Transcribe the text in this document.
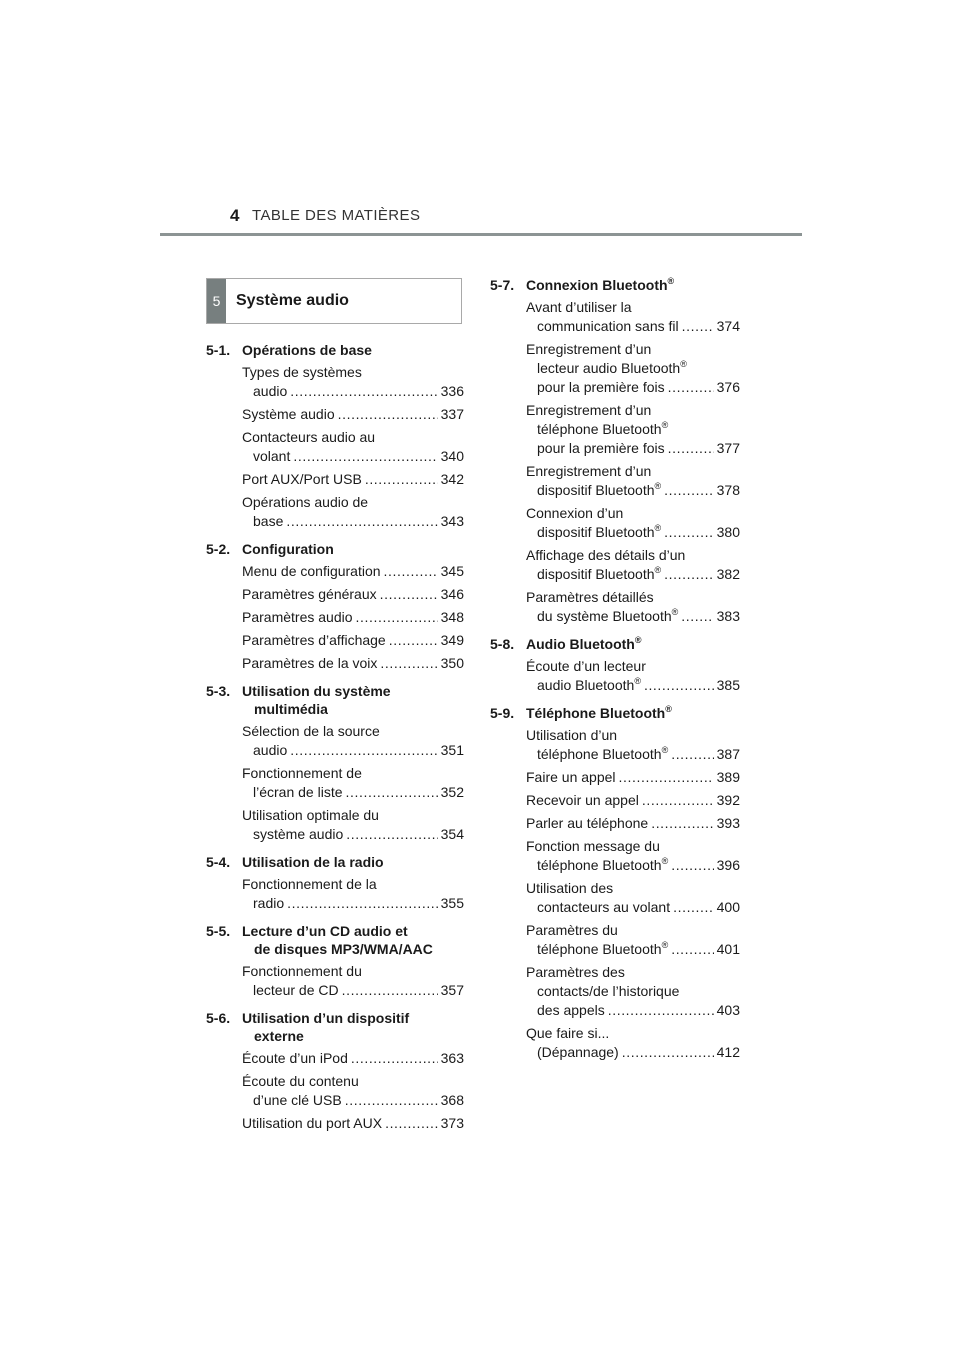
4 TABLE DES MATIÈRES
5 Système audio
5-1. Opérations de base
Types de systèmes
audio .....	336
Système audio .....	337
Contacteurs audio au
volant .....	340
Port AUX/Port USB .....	342
Opérations audio de
base .....	343
5-2. Configuration
Menu de configuration .....	345
Paramètres généraux .....	346
Paramètres audio .....	348
Paramètres d’affichage .....	349
Paramètres de la voix .....	350
5-3. Utilisation du système
multimédia
Sélection de la source
audio .....	351
Fonctionnement de
l’écran de liste .....	352
Utilisation optimale du
système audio .....	354
5-4. Utilisation de la radio
Fonctionnement de la
radio .....	355
5-5. Lecture d’un CD audio et
de disques MP3/WMA/AAC
Fonctionnement du
lecteur de CD .....	357
5-6. Utilisation d’un dispositif
externe
Écoute d’un iPod .....	363
Écoute du contenu
d’une clé USB .....	368
Utilisation du port AUX .....	373
5-7. Connexion Bluetooth®
Avant d’utiliser la
communication sans fil .....	374
Enregistrement d’un
lecteur audio Bluetooth®
pour la première fois .....	376
Enregistrement d’un
téléphone Bluetooth®
pour la première fois .....	377
Enregistrement d’un
dispositif Bluetooth® .....	378
Connexion d’un
dispositif Bluetooth® .....	380
Affichage des détails d’un
dispositif Bluetooth® .....	382
Paramètres détaillés
du système Bluetooth® .....	383
5-8. Audio Bluetooth®
Écoute d’un lecteur
audio Bluetooth® .....	385
5-9. Téléphone Bluetooth®
Utilisation d’un
téléphone Bluetooth® .....	387
Faire un appel .....	389
Recevoir un appel .....	392
Parler au téléphone .....	393
Fonction message du
téléphone Bluetooth® .....	396
Utilisation des
contacteurs au volant .....	400
Paramètres du
téléphone Bluetooth® .....	401
Paramètres des
contacts/de l’historique
des appels .....	403
Que faire si...
(Dépannage) .....	412
